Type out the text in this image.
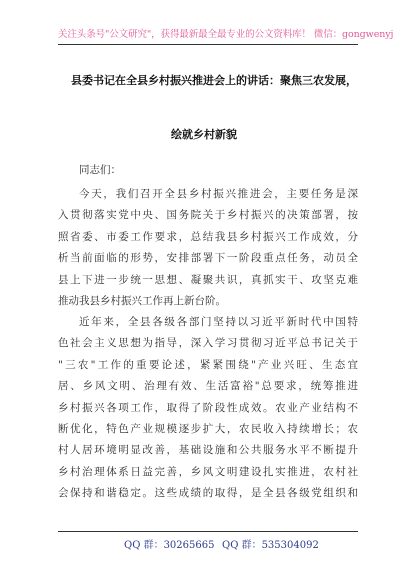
关注头条号"公文研究"，获得最新最全最专业的公文资料库！ 微信：gongwenyj
县委书记在全县乡村振兴推进会上的讲话：聚焦三农发展，
绘就乡村新貌
同志们：
今天，我们召开全县乡村振兴推进会，主要任务是深
入贯彻落实党中央、国务院关于乡村振兴的决策部署，按
照省委、市委工作要求，总结我县乡村振兴工作成效，分
析当前面临的形势，安排部署下一阶段重点任务，动员全
县上下进一步统一思想、凝聚共识，真抓实干、攻坚克难
推动我县乡村振兴工作再上新台阶。
近年来，全县各级各部门坚持以习近平新时代中国特
色社会主义思想为指导，深入学习贯彻习近平总书记关于
"三农"工作的重要论述，紧紧围绕"产业兴旺、生态宜
居、乡风文明、治理有效、生活富裕"总要求，统筹推进
乡村振兴各项工作，取得了阶段性成效。农业产业结构不
断优化，特色产业规模逐步扩大，农民收入持续增长；农
村人居环境明显改善，基础设施和公共服务水平不断提升
乡村治理体系日益完善，乡风文明建设扎实推进，农村社
会保持和谐稳定。这些成绩的取得，是全县各级党组织和
QQ 群：30265665 QQ 群：535304092
